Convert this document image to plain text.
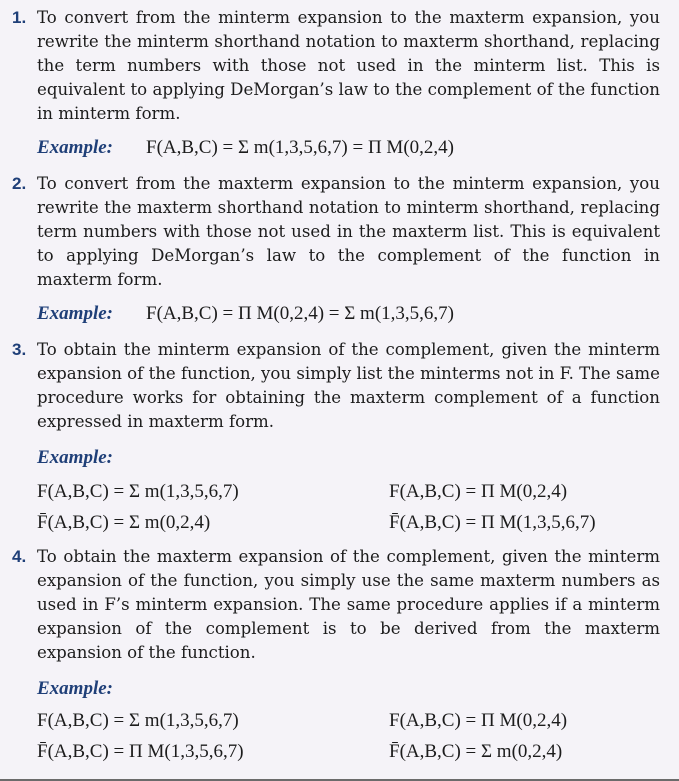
1. To convert from the minterm expansion to the maxterm expansion, you rewrite the minterm shorthand notation to maxterm shorthand, replacing the term numbers with those not used in the minterm list. This is equivalent to applying DeMorgan’s law to the complement of the function in minterm form.

Example: F(A,B,C) = Σ m(1,3,5,6,7) = Π M(0,2,4)
2. To convert from the maxterm expansion to the minterm expansion, you rewrite the maxterm shorthand notation to minterm shorthand, replacing term numbers with those not used in the maxterm list. This is equivalent to applying DeMorgan’s law to the complement of the function in maxterm form.

Example: F(A,B,C) = Π M(0,2,4) = Σ m(1,3,5,6,7)
3. To obtain the minterm expansion of the complement, given the minterm expansion of the function, you simply list the minterms not in F. The same procedure works for obtaining the maxterm complement of a function expressed in maxterm form.

Example:
F(A,B,C) = Σ m(1,3,5,6,7)	F(A,B,C) = Π M(0,2,4)
F̄(A,B,C) = Σ m(0,2,4)	F̄(A,B,C) = Π M(1,3,5,6,7)
4. To obtain the maxterm expansion of the complement, given the minterm expansion of the function, you simply use the same maxterm numbers as used in F’s minterm expansion. The same procedure applies if a minterm expansion of the complement is to be derived from the maxterm expansion of the function.

Example:
F(A,B,C) = Σ m(1,3,5,6,7)	F(A,B,C) = Π M(0,2,4)
F̄(A,B,C) = Π M(1,3,5,6,7)	F̄(A,B,C) = Σ m(0,2,4)
